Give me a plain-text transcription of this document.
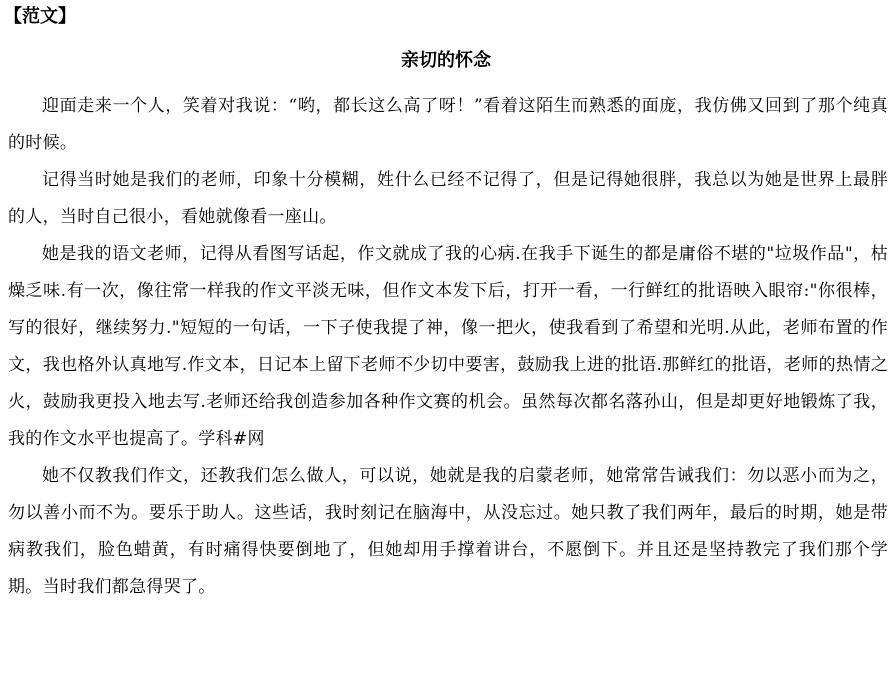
【范文】
亲切的怀念

迎面走来一个人，笑着对我说：“哟，都长这么高了呀！”看着这陌生而熟悉的面庞，我仿佛又回到了那个纯真的时候。

记得当时她是我们的老师，印象十分模糊，姓什么已经不记得了，但是记得她很胖，我总以为她是世界上最胖的人，当时自己很小，看她就像看一座山。

她是我的语文老师，记得从看图写话起，作文就成了我的心病.在我手下诞生的都是庸俗不堪的"垃圾作品"，枯燥乏味.有一次，像往常一样我的作文平淡无味，但作文本发下后，打开一看，一行鲜红的批语映入眼帘:"你很棒，写的很好，继续努力."短短的一句话，一下子使我提了神，像一把火，使我看到了希望和光明.从此，老师布置的作文，我也格外认真地写.作文本，日记本上留下老师不少切中要害，鼓励我上进的批语.那鲜红的批语，老师的热情之火，鼓励我更投入地去写.老师还给我创造参加各种作文赛的机会。虽然每次都名落孙山，但是却更好地锻炼了我，我的作文水平也提高了。学科#网

她不仅教我们作文，还教我们怎么做人，可以说，她就是我的启蒙老师，她常常告诫我们：勿以恶小而为之，勿以善小而不为。要乐于助人。这些话，我时刻记在脑海中，从没忘过。她只教了我们两年，最后的时期，她是带病教我们，脸色蜡黄，有时痛得快要倒地了，但她却用手撑着讲台，不愿倒下。并且还是坚持教完了我们那个学期。当时我们都急得哭了。
